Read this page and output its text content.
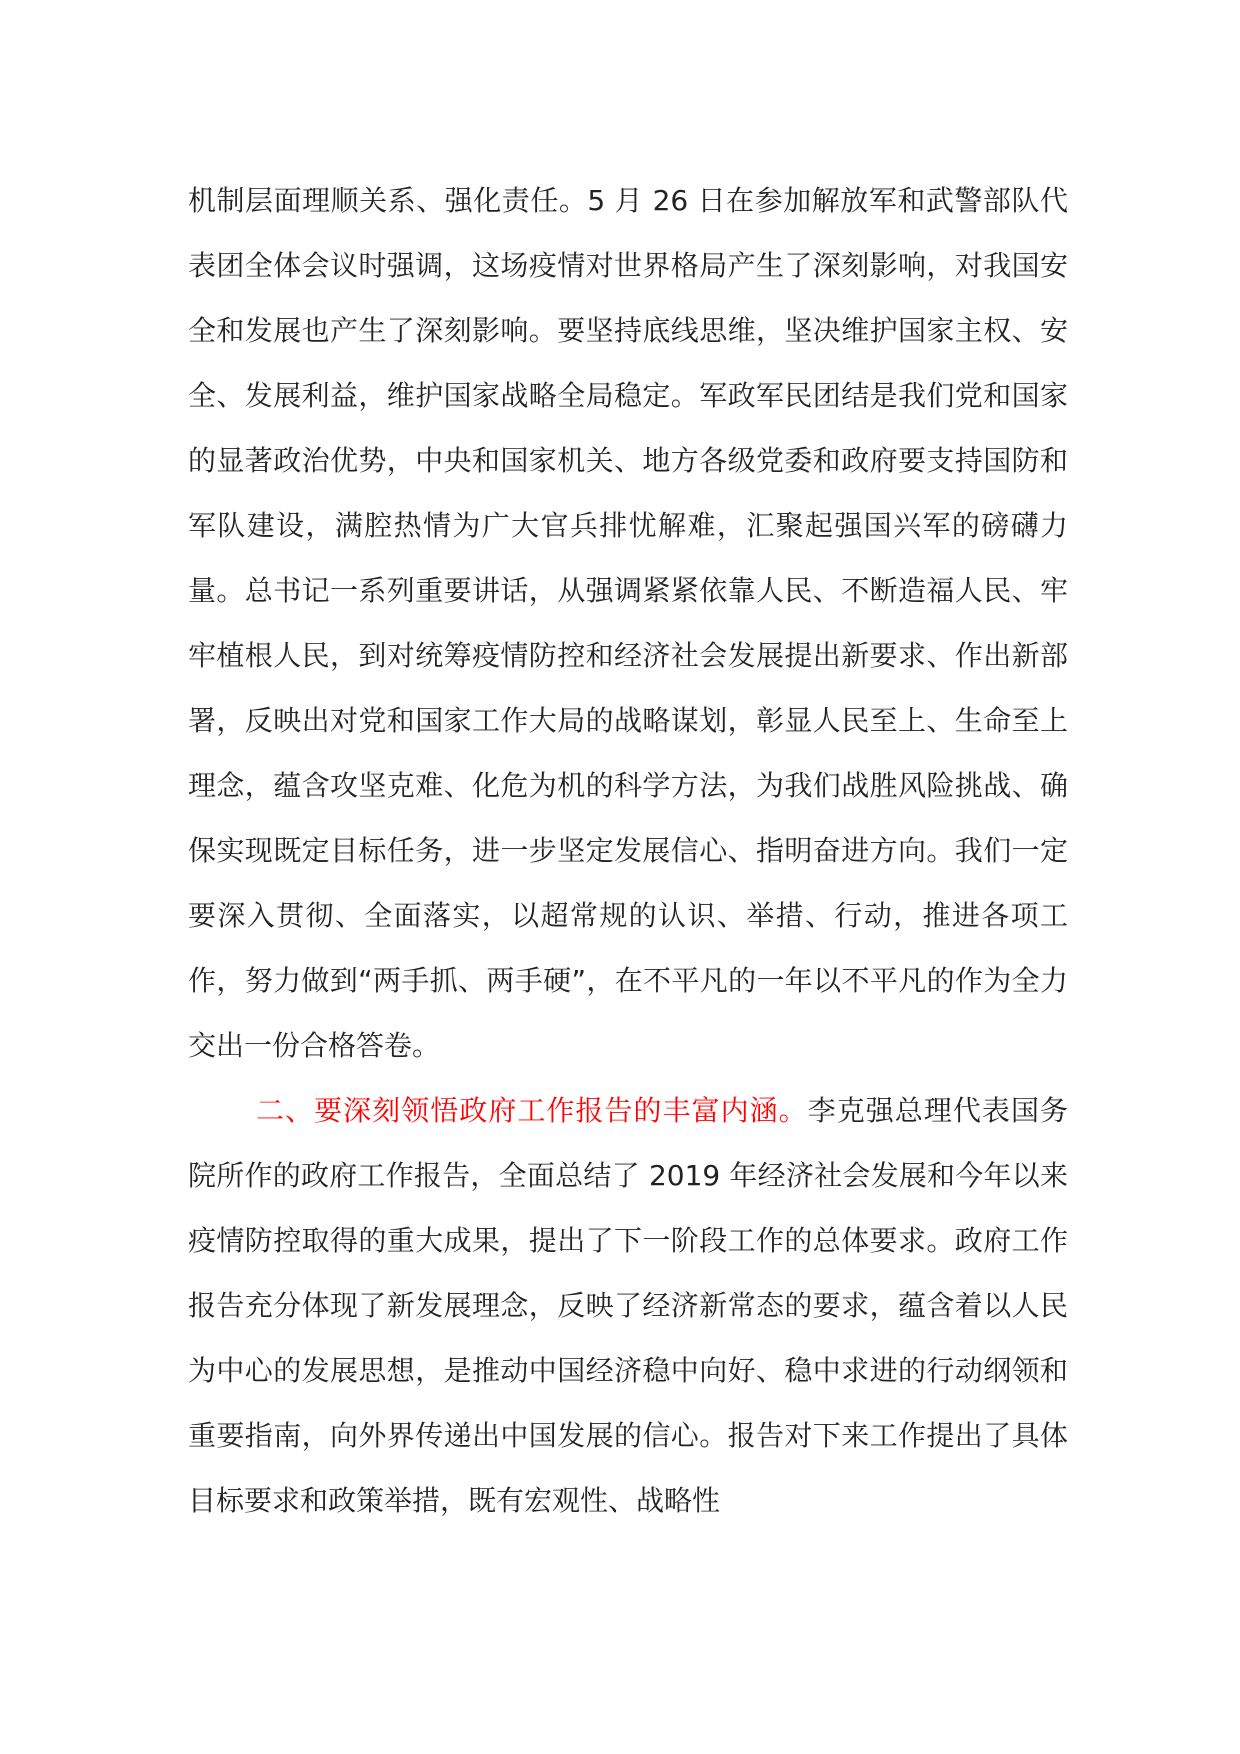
机制层面理顺关系、强化责任。5 月 26 日在参加解放军和武警部队代表团全体会议时强调，这场疫情对世界格局产生了深刻影响，对我国安全和发展也产生了深刻影响。要坚持底线思维，坚决维护国家主权、安全、发展利益，维护国家战略全局稳定。军政军民团结是我们党和国家的显著政治优势，中央和国家机关、地方各级党委和政府要支持国防和军队建设，满腔热情为广大官兵排忧解难，汇聚起强国兴军的磅礴力量。总书记一系列重要讲话，从强调紧紧依靠人民、不断造福人民、牢牢植根人民，到对统筹疫情防控和经济社会发展提出新要求、作出新部署，反映出对党和国家工作大局的战略谋划，彰显人民至上、生命至上理念，蕴含攻坚克难、化危为机的科学方法，为我们战胜风险挑战、确保实现既定目标任务，进一步坚定发展信心、指明奋进方向。我们一定要深入贯彻、全面落实，以超常规的认识、举措、行动，推进各项工作，努力做到“两手抓、两手硬”，在不平凡的一年以不平凡的作为全力交出一份合格答卷。

二、要深刻领悟政府工作报告的丰富内涵。李克强总理代表国务院所作的政府工作报告，全面总结了 2019 年经济社会发展和今年以来疫情防控取得的重大成果，提出了下一阶段工作的总体要求。政府工作报告充分体现了新发展理念，反映了经济新常态的要求，蕴含着以人民为中心的发展思想，是推动中国经济稳中向好、稳中求进的行动纲领和重要指南，向外界传递出中国发展的信心。报告对下来工作提出了具体目标要求和政策举措，既有宏观性、战略性
